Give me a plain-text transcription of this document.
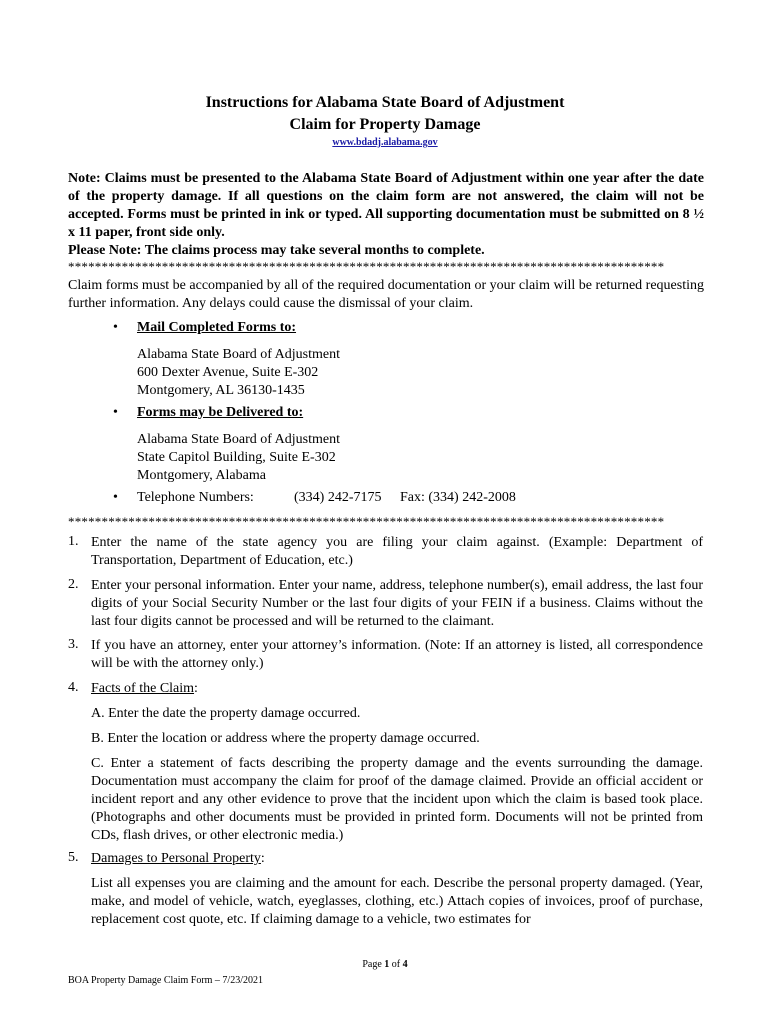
Instructions for Alabama State Board of Adjustment
Claim for Property Damage
www.bdadj.alabama.gov
Note: Claims must be presented to the Alabama State Board of Adjustment within one year after the date of the property damage. If all questions on the claim form are not answered, the claim will not be accepted. Forms must be printed in ink or typed. All supporting documentation must be submitted on 8 ½ x 11 paper, front side only.
Please Note: The claims process may take several months to complete.
*****************************************************************************************
Claim forms must be accompanied by all of the required documentation or your claim will be returned requesting further information. Any delays could cause the dismissal of your claim.
• Mail Completed Forms to:
Alabama State Board of Adjustment
600 Dexter Avenue, Suite E-302
Montgomery, AL 36130-1435
• Forms may be Delivered to:
Alabama State Board of Adjustment
State Capitol Building, Suite E-302
Montgomery, Alabama
• Telephone Numbers:	(334) 242-7175 Fax: (334) 242-2008
*****************************************************************************************
1. Enter the name of the state agency you are filing your claim against. (Example: Department of Transportation, Department of Education, etc.)
2. Enter your personal information. Enter your name, address, telephone number(s), email address, the last four digits of your Social Security Number or the last four digits of your FEIN if a business. Claims without the last four digits cannot be processed and will be returned to the claimant.
3. If you have an attorney, enter your attorney’s information. (Note: If an attorney is listed, all correspondence will be with the attorney only.)
4. Facts of the Claim:
A. Enter the date the property damage occurred.
B. Enter the location or address where the property damage occurred.
C. Enter a statement of facts describing the property damage and the events surrounding the damage. Documentation must accompany the claim for proof of the damage claimed. Provide an official accident or incident report and any other evidence to prove that the incident upon which the claim is based took place. (Photographs and other documents must be provided in printed form. Documents will not be printed from CDs, flash drives, or other electronic media.)
5. Damages to Personal Property:
List all expenses you are claiming and the amount for each. Describe the personal property damaged. (Year, make, and model of vehicle, watch, eyeglasses, clothing, etc.) Attach copies of invoices, proof of purchase, replacement cost quote, etc. If claiming damage to a vehicle, two estimates for
Page 1 of 4
BOA Property Damage Claim Form – 7/23/2021
